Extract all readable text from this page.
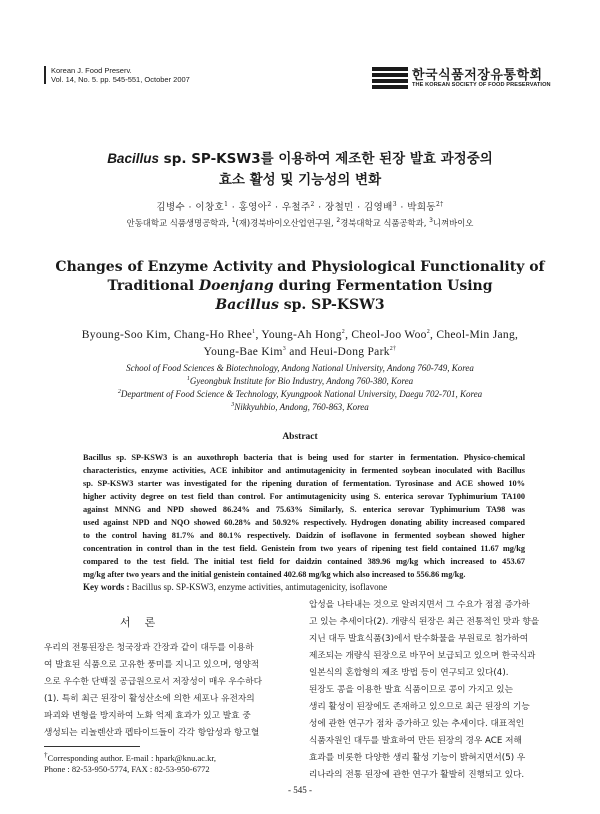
Korean J. Food Preserv.
Vol. 14, No. 5. pp. 545-551, October 2007	한국식품저장유통학회
THE KOREAN SOCIETY OF FOOD PRESERVATION
Bacillus sp. SP-KSW3를 이용하여 제조한 된장 발효 과정중의
효소 활성 및 기능성의 변화
김병수 · 이창호$^1$ · 홍영아$^2$ · 우철주$^2$ · 장철민 · 김영배$^3$ · 박희동$^{2\dagger}$
안동대학교 식품생명공학과, $^1$(재)경북바이오산업연구원, $^2$경북대학교 식품공학과, $^3$니껴바이오
Changes of Enzyme Activity and Physiological Functionality of
Traditional Doenjang during Fermentation Using
Bacillus sp. SP-KSW3
Byoung-Soo Kim, Chang-Ho Rhee$^1$, Young-Ah Hong$^2$, Cheol-Joo Woo$^2$, Cheol-Min Jang,
Young-Bae Kim$^3$ and Heui-Dong Park$^{2\dagger}$
School of Food Sciences & Biotechnology, Andong National University, Andong 760-749, Korea
$^1$Gyeongbuk Institute for Bio Industry, Andong 760-380, Korea
$^2$Department of Food Science & Technology, Kyungpook National University, Daegu 702-701, Korea
$^3$Nikkyuhbio, Andong, 760-863, Korea
Abstract
Bacillus sp. SP-KSW3 is an auxothroph bacteria that is being used for starter in fermentation. Physico-chemical
characteristics, enzyme activities, ACE inhibitor and antimutagenicity in fermented soybean inoculated with Bacillus
sp. SP-KSW3 starter was investigated for the ripening duration of fermentation. Tyrosinase and ACE showed 10%
higher activity degree on test field than control. For antimutagenicity using S. enterica serovar Typhimurium TA100
against MNNG and NPD showed 86.24% and 75.63% Similarly, S. enterica serovar Typhimurium TA98 was
used against NPD and NQO showed 60.28% and 50.92% respectively. Hydrogen donating ability increased compared
to the control having 81.7% and 80.1% respectively. Daidzin of isoflavone in fermented soybean showed higher
concentration in control than in the test field. Genistein from two years of ripening test field contained 11.67 mg/kg
compared to the test field. The initial test field for daidzin contained 389.96 mg/kg which increased to 453.67
mg/kg after two years and the initial genistein contained 402.68 mg/kg which also increased to 556.86 mg/kg.
Key words : Bacillus sp. SP-KSW3, enzyme activities, antimutagenicity, isoflavone
서론
우리의 전통된장은 청국장과 간장과 같이 대두를 이용하
여 발효된 식품으로 고유한 풍미를 지니고 있으며, 영양적
으로 우수한 단백질 공급원으로서 저장성이 매우 우수하다
(1). 특히 최근 된장이 활성산소에 의한 세포나 유전자의
파괴와 변형을 방지하여 노화 억제 효과가 있고 발효 중
생성되는 리놀렌산과 펩타이드들이 각각 항암성과 항고혈
†Corresponding author. E-mail : hpark@knu.ac.kr,
Phone : 82-53-950-5774, FAX : 82-53-950-6772
압성을 나타내는 것으로 알려지면서 그 수요가 점점 증가하
고 있는 추세이다(2). 개량식 된장은 최근 전통적인 맛과 향을
지닌 대두 발효식품(3)에서 탄수화물을 부원료로 첨가하여
제조되는 개량식 된장으로 바꾸어 보급되고 있으며 한국식과
일본식의 혼합형의 제조 방법 등이 연구되고 있다(4).
된장도 콩을 이용한 발효 식품이므로 콩이 가지고 있는
생리 활성이 된장에도 존재하고 있으므로 최근 된장의 기능
성에 관한 연구가 점차 증가하고 있는 추세이다. 대표적인
식품자원인 대두를 발효하여 만든 된장의 경우 ACE 저해
효과를 비롯한 다양한 생리 활성 기능이 밝혀지면서(5) 우
리나라의 전통 된장에 관한 연구가 활발히 진행되고 있다.
- 545 -
